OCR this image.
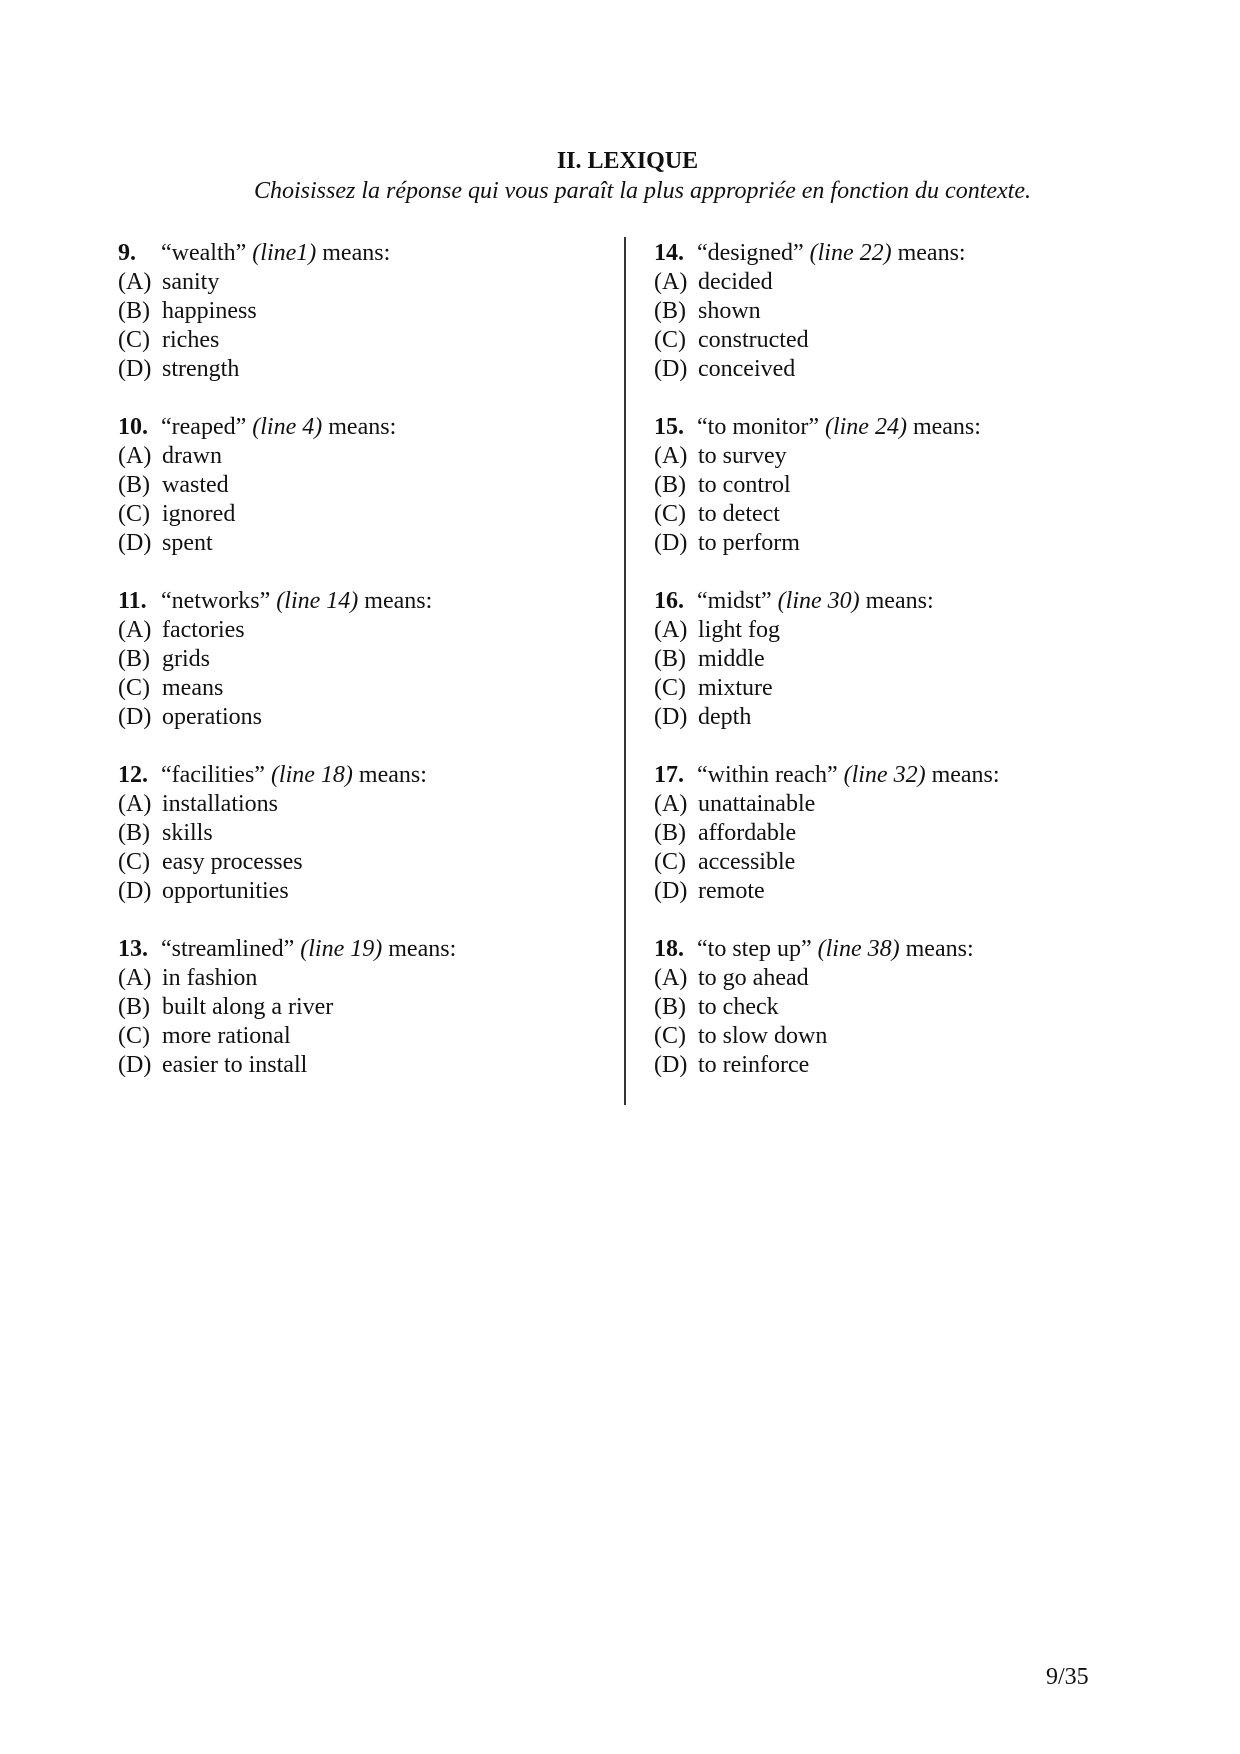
II. LEXIQUE
Choisissez la réponse qui vous paraît la plus appropriée en fonction du contexte.
9. “wealth” (line1) means:
(A) sanity
(B) happiness
(C) riches
(D) strength
10. “reaped” (line 4) means:
(A) drawn
(B) wasted
(C) ignored
(D) spent
11. “networks” (line 14) means:
(A) factories
(B) grids
(C) means
(D) operations
12. “facilities” (line 18) means:
(A) installations
(B) skills
(C) easy processes
(D) opportunities
13. “streamlined” (line 19) means:
(A) in fashion
(B) built along a river
(C) more rational
(D) easier to install
14. “designed” (line 22) means:
(A) decided
(B) shown
(C) constructed
(D) conceived
15. “to monitor” (line 24) means:
(A) to survey
(B) to control
(C) to detect
(D) to perform
16. “midst” (line 30) means:
(A) light fog
(B) middle
(C) mixture
(D) depth
17. “within reach” (line 32) means:
(A) unattainable
(B) affordable
(C) accessible
(D) remote
18. “to step up” (line 38) means:
(A) to go ahead
(B) to check
(C) to slow down
(D) to reinforce
9/35
